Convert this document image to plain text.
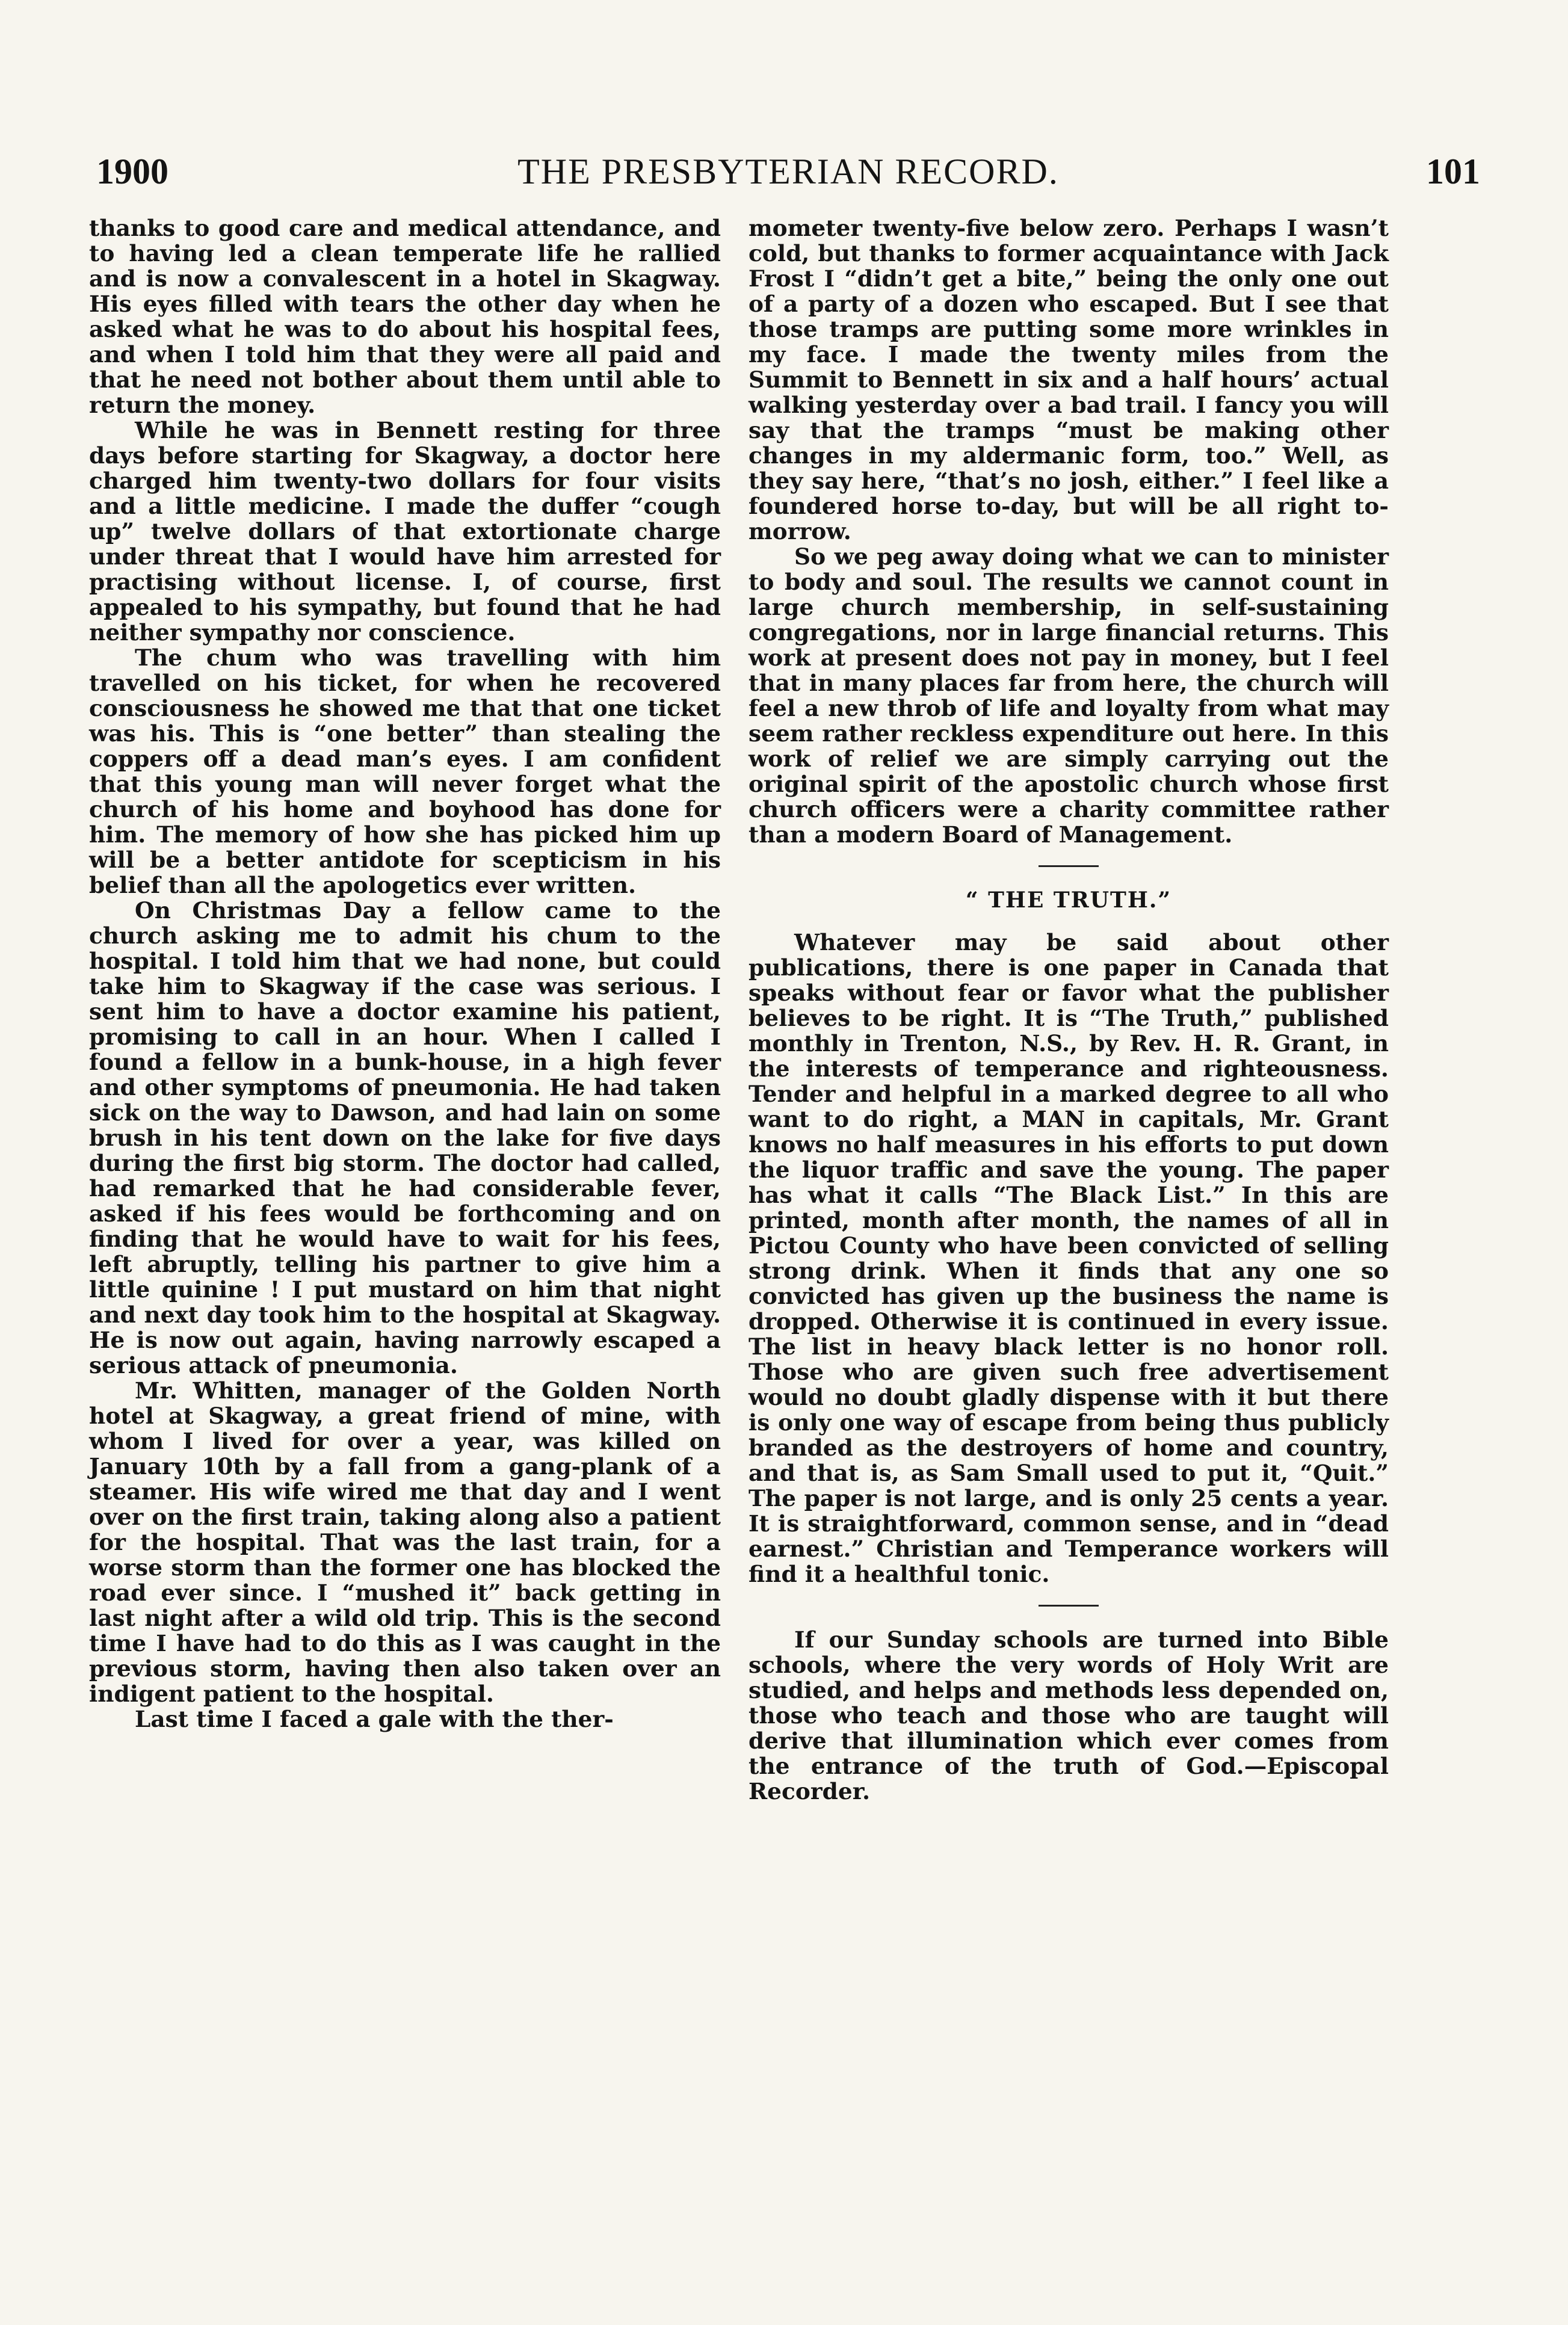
1900	THE PRESBYTERIAN RECORD.	101

thanks to good care and medical attendance, and to having led a clean temperate life he rallied and is now a convalescent in a hotel in Skagway. His eyes filled with tears the other day when he asked what he was to do about his hospital fees, and when I told him that they were all paid and that he need not bother about them until able to return the money.

While he was in Bennett resting for three days before starting for Skagway, a doctor here charged him twenty-two dollars for four visits and a little medicine. I made the duffer “cough up” twelve dollars of that extortionate charge under threat that I would have him arrested for practising without license. I, of course, first appealed to his sympathy, but found that he had neither sympathy nor conscience.

The chum who was travelling with him travelled on his ticket, for when he recovered consciousness he showed me that that one ticket was his. This is “one better” than stealing the coppers off a dead man’s eyes. I am confident that this young man will never forget what the church of his home and boyhood has done for him. The memory of how she has picked him up will be a better antidote for scepticism in his belief than all the apologetics ever written.

On Christmas Day a fellow came to the church asking me to admit his chum to the hospital. I told him that we had none, but could take him to Skagway if the case was serious. I sent him to have a doctor examine his patient, promising to call in an hour. When I called I found a fellow in a bunk-house, in a high fever and other symptoms of pneumonia. He had taken sick on the way to Dawson, and had lain on some brush in his tent down on the lake for five days during the first big storm. The doctor had called, had remarked that he had considerable fever, asked if his fees would be forthcoming and on finding that he would have to wait for his fees, left abruptly, telling his partner to give him a little quinine ! I put mustard on him that night and next day took him to the hospital at Skagway. He is now out again, having narrowly escaped a serious attack of pneumonia.

Mr. Whitten, manager of the Golden North hotel at Skagway, a great friend of mine, with whom I lived for over a year, was killed on January 10th by a fall from a gang-plank of a steamer. His wife wired me that day and I went over on the first train, taking along also a patient for the hospital. That was the last train, for a worse storm than the former one has blocked the road ever since. I “mushed it” back getting in last night after a wild old trip. This is the second time I have had to do this as I was caught in the previous storm, having then also taken over an indigent patient to the hospital.

Last time I faced a gale with the ther-

mometer twenty-five below zero. Perhaps I wasn’t cold, but thanks to former acquaintance with Jack Frost I “didn’t get a bite,” being the only one out of a party of a dozen who escaped. But I see that those tramps are putting some more wrinkles in my face. I made the twenty miles from the Summit to Bennett in six and a half hours’ actual walking yesterday over a bad trail. I fancy you will say that the tramps “must be making other changes in my aldermanic form, too.” Well, as they say here, “that’s no josh, either.” I feel like a foundered horse to-day, but will be all right to-morrow.

So we peg away doing what we can to minister to body and soul. The results we cannot count in large church membership, in self-sustaining congregations, nor in large financial returns. This work at present does not pay in money, but I feel that in many places far from here, the church will feel a new throb of life and loyalty from what may seem rather reckless expenditure out here. In this work of relief we are simply carrying out the original spirit of the apostolic church whose first church officers were a charity committee rather than a modern Board of Management.

“ THE TRUTH.”

Whatever may be said about other publications, there is one paper in Canada that speaks without fear or favor what the publisher believes to be right. It is “The Truth,” published monthly in Trenton, N.S., by Rev. H. R. Grant, in the interests of temperance and righteousness. Tender and helpful in a marked degree to all who want to do right, a MAN in capitals, Mr. Grant knows no half measures in his efforts to put down the liquor traffic and save the young. The paper has what it calls “The Black List.” In this are printed, month after month, the names of all in Pictou County who have been convicted of selling strong drink. When it finds that any one so convicted has given up the business the name is dropped. Otherwise it is continued in every issue. The list in heavy black letter is no honor roll. Those who are given such free advertisement would no doubt gladly dispense with it but there is only one way of escape from being thus publicly branded as the destroyers of home and country, and that is, as Sam Small used to put it, “Quit.” The paper is not large, and is only 25 cents a year. It is straightforward, common sense, and in “dead earnest.” Christian and Temperance workers will find it a healthful tonic.

If our Sunday schools are turned into Bible schools, where the very words of Holy Writ are studied, and helps and methods less depended on, those who teach and those who are taught will derive that illumination which ever comes from the entrance of the truth of God.—Episcopal Recorder.
